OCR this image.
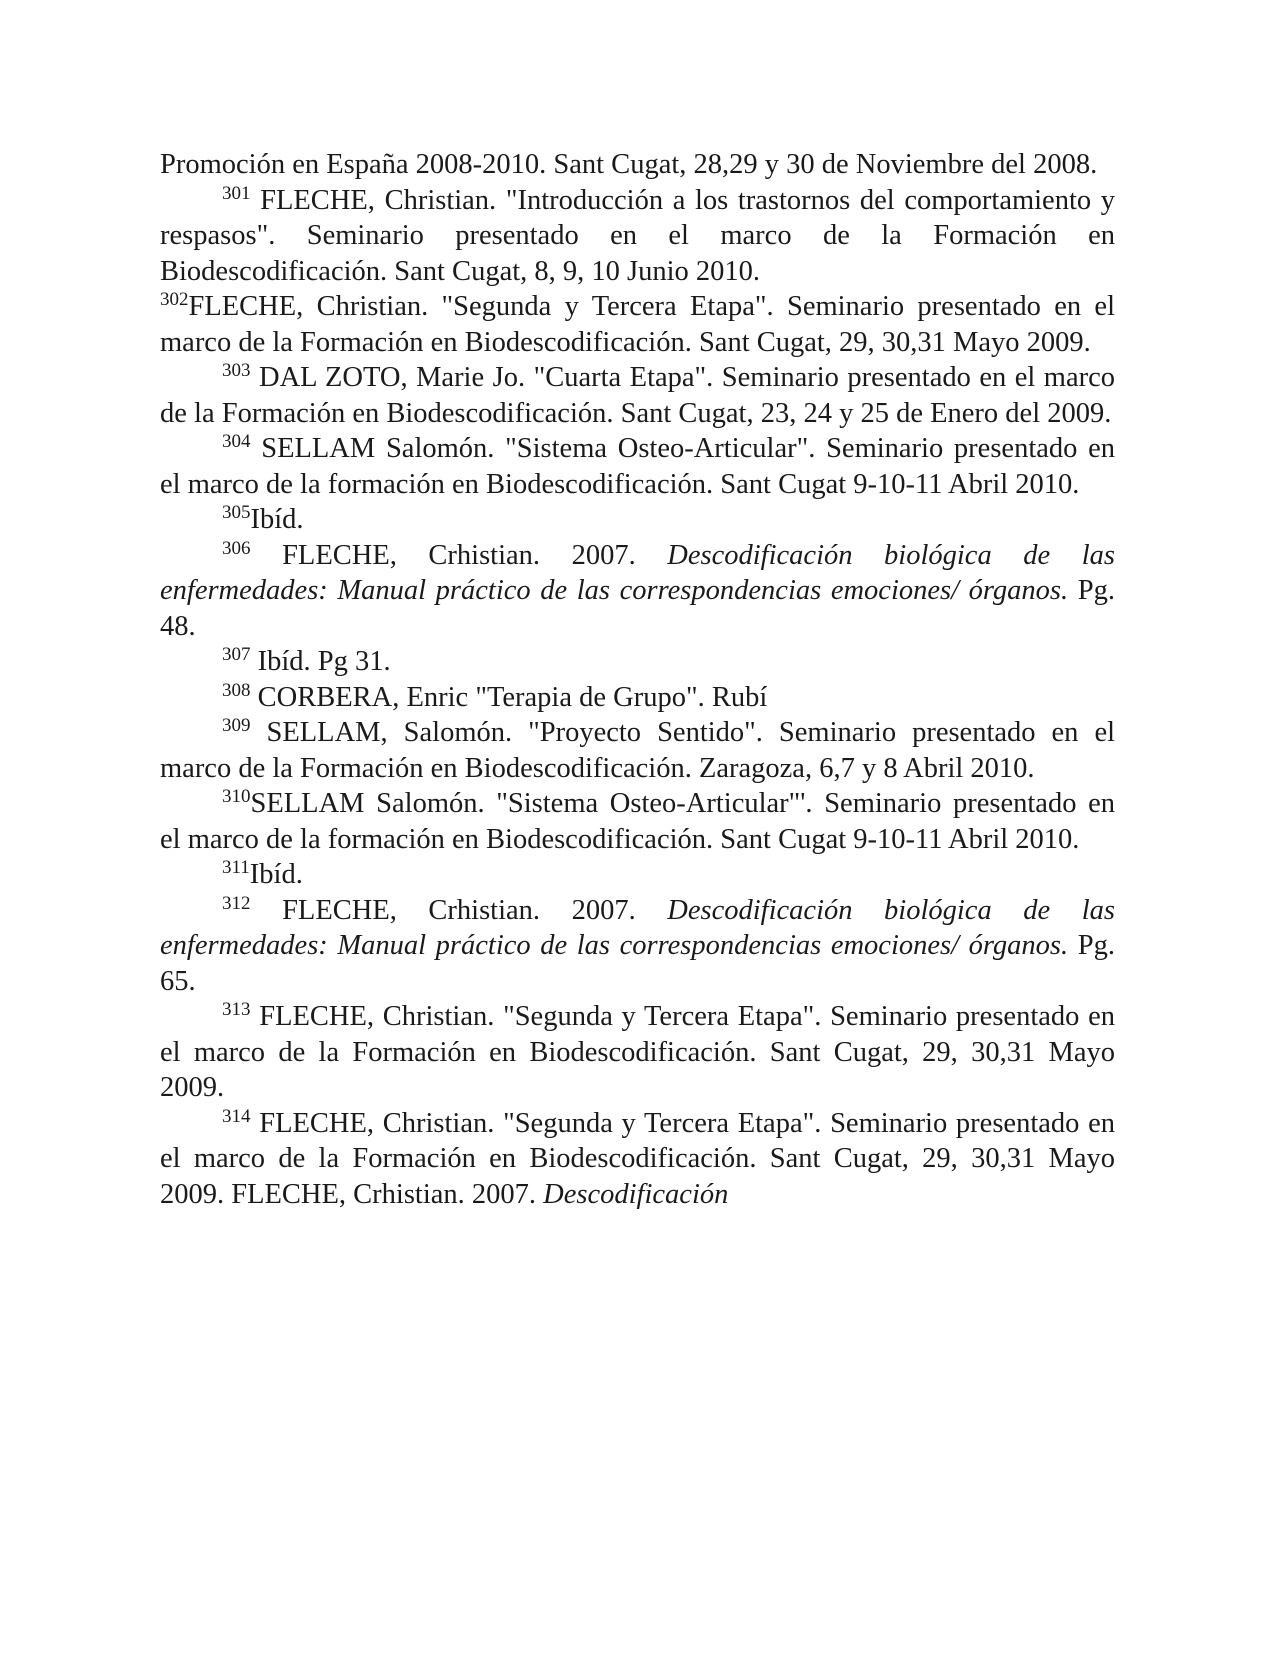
Promoción en España 2008-2010. Sant Cugat, 28,29 y 30 de Noviembre del 2008.

$^{301}$ FLECHE, Christian. "Introducción a los trastornos del comportamiento y respasos". Seminario presentado en el marco de la Formación en Biodescodificación. Sant Cugat, 8, 9, 10 Junio 2010.

$^{302}$FLECHE, Christian. "Segunda y Tercera Etapa". Seminario presentado en el marco de la Formación en Biodescodificación. Sant Cugat, 29, 30,31 Mayo 2009.

$^{303}$ DAL ZOTO, Marie Jo. "Cuarta Etapa". Seminario presentado en el marco de la Formación en Biodescodificación. Sant Cugat, 23, 24 y 25 de Enero del 2009.

$^{304}$ SELLAM Salomón. "Sistema Osteo-Articular". Seminario presentado en el marco de la formación en Biodescodificación. Sant Cugat 9-10-11 Abril 2010.

$^{305}$Ibíd.

$^{306}$ FLECHE, Crhistian. 2007. Descodificación biológica de las enfermedades: Manual práctico de las correspondencias emociones/ órganos. Pg. 48.

$^{307}$ Ibíd. Pg 31.

$^{308}$ CORBERA, Enric "Terapia de Grupo". Rubí

$^{309}$ SELLAM, Salomón. "Proyecto Sentido". Seminario presentado en el marco de la Formación en Biodescodificación. Zaragoza, 6,7 y 8 Abril 2010.

$^{310}$SELLAM Salomón. "Sistema Osteo-Articular"'. Seminario presentado en el marco de la formación en Biodescodificación. Sant Cugat 9-10-11 Abril 2010.

$^{311}$Ibíd.

$^{312}$ FLECHE, Crhistian. 2007. Descodificación biológica de las enfermedades: Manual práctico de las correspondencias emociones/ órganos. Pg. 65.

$^{313}$ FLECHE, Christian. "Segunda y Tercera Etapa". Seminario presentado en el marco de la Formación en Biodescodificación. Sant Cugat, 29, 30,31 Mayo 2009.

$^{314}$ FLECHE, Christian. "Segunda y Tercera Etapa". Seminario presentado en el marco de la Formación en Biodescodificación. Sant Cugat, 29, 30,31 Mayo 2009. FLECHE, Crhistian. 2007. Descodificación
